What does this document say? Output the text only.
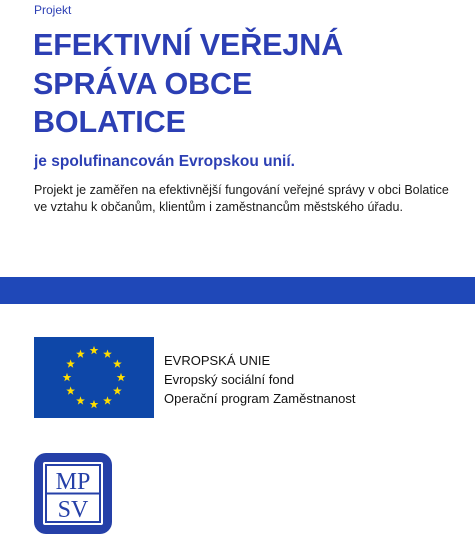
Projekt
EFEKTIVNÍ VEŘEJNÁ
SPRÁVA OBCE
BOLATICE
je spolufinancován Evropskou unií.
Projekt je zaměřen na efektivnější fungování veřejné správy v obci Bolatice ve vztahu k občanům, klientům i zaměstnancům městského úřadu.
EVROPSKÁ UNIE
Evropský sociální fond
Operační program Zaměstnanost
MP
SV
